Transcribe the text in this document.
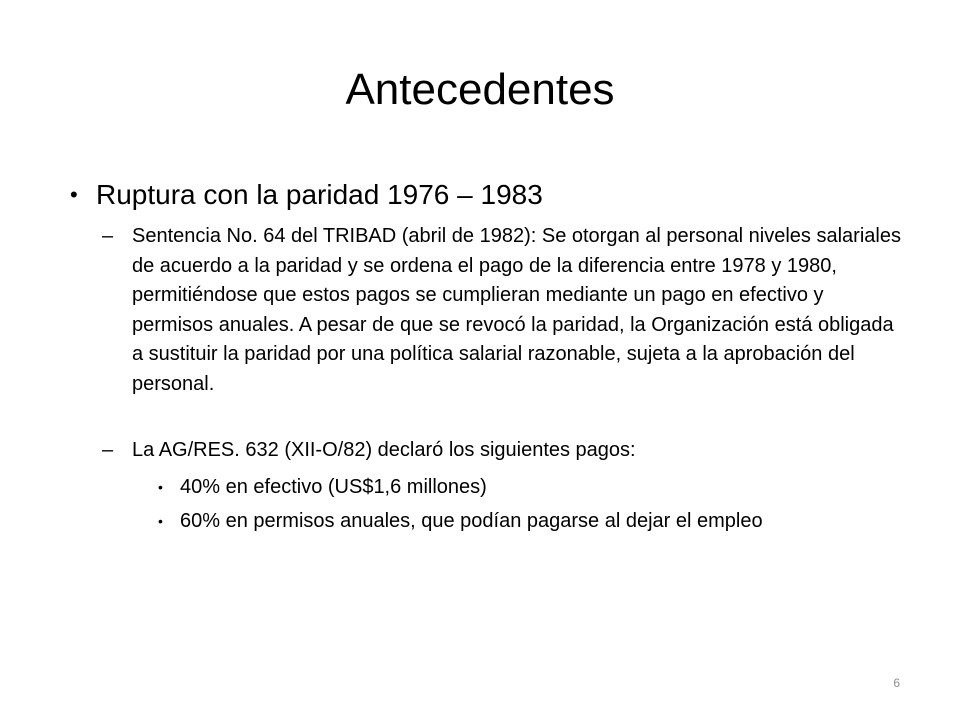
Antecedentes
• Ruptura con la paridad 1976 – 1983
– Sentencia No. 64 del TRIBAD (abril de 1982): Se otorgan al personal niveles salariales de acuerdo a la paridad y se ordena el pago de la diferencia entre 1978 y 1980, permitiéndose que estos pagos se cumplieran mediante un pago en efectivo y permisos anuales. A pesar de que se revocó la paridad, la Organización está obligada a sustituir la paridad por una política salarial razonable, sujeta a la aprobación del personal.
– La AG/RES. 632 (XII-O/82) declaró los siguientes pagos:
• 40% en efectivo (US$1,6 millones)
• 60% en permisos anuales, que podían pagarse al dejar el empleo
6
